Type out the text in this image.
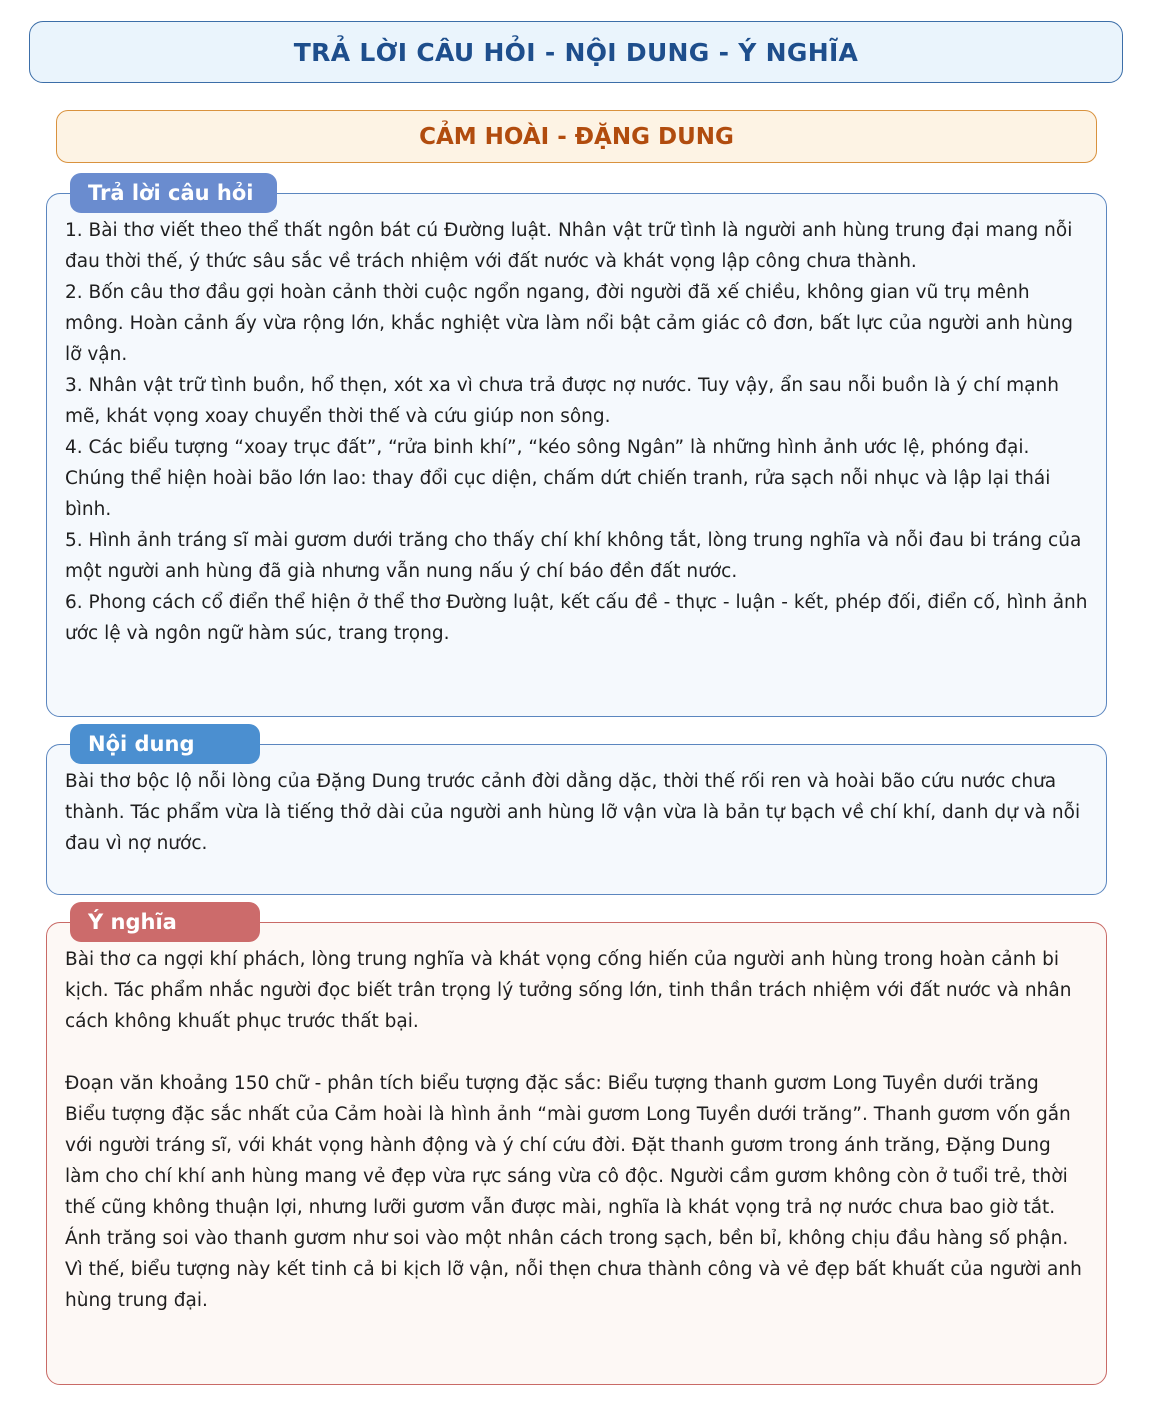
TRẢ LỜI CÂU HỎI - NỘI DUNG - Ý NGHĨA
CẢM HOÀI - ĐẶNG DUNG

1. Bài thơ viết theo thể thất ngôn bát cú Đường luật. Nhân vật trữ tình là người anh hùng trung đại mang nỗi đau thời thế, ý thức sâu sắc về trách nhiệm với đất nước và khát vọng lập công chưa thành.

2. Bốn câu thơ đầu gợi hoàn cảnh thời cuộc ngổn ngang, đời người đã xế chiều, không gian vũ trụ mênh mông. Hoàn cảnh ấy vừa rộng lớn, khắc nghiệt vừa làm nổi bật cảm giác cô đơn, bất lực của người anh hùng lỡ vận.

3. Nhân vật trữ tình buồn, hổ thẹn, xót xa vì chưa trả được nợ nước. Tuy vậy, ẩn sau nỗi buồn là ý chí mạnh mẽ, khát vọng xoay chuyển thời thế và cứu giúp non sông.

4. Các biểu tượng “xoay trục đất”, “rửa binh khí”, “kéo sông Ngân” là những hình ảnh ước lệ, phóng đại. Chúng thể hiện hoài bão lớn lao: thay đổi cục diện, chấm dứt chiến tranh, rửa sạch nỗi nhục và lập lại thái bình.

5. Hình ảnh tráng sĩ mài gươm dưới trăng cho thấy chí khí không tắt, lòng trung nghĩa và nỗi đau bi tráng của một người anh hùng đã già nhưng vẫn nung nấu ý chí báo đền đất nước.

6. Phong cách cổ điển thể hiện ở thể thơ Đường luật, kết cấu đề - thực - luận - kết, phép đối, điển cố, hình ảnh ước lệ và ngôn ngữ hàm súc, trang trọng.

Trả lời câu hỏi

Bài thơ bộc lộ nỗi lòng của Đặng Dung trước cảnh đời dằng dặc, thời thế rối ren và hoài bão cứu nước chưa thành. Tác phẩm vừa là tiếng thở dài của người anh hùng lỡ vận vừa là bản tự bạch về chí khí, danh dự và nỗi đau vì nợ nước.

Nội dung

Bài thơ ca ngợi khí phách, lòng trung nghĩa và khát vọng cống hiến của người anh hùng trong hoàn cảnh bi kịch. Tác phẩm nhắc người đọc biết trân trọng lý tưởng sống lớn, tinh thần trách nhiệm với đất nước và nhân cách không khuất phục trước thất bại.

Đoạn văn khoảng 150 chữ - phân tích biểu tượng đặc sắc: Biểu tượng thanh gươm Long Tuyền dưới trăng

Biểu tượng đặc sắc nhất của Cảm hoài là hình ảnh “mài gươm Long Tuyền dưới trăng”. Thanh gươm vốn gắn với người tráng sĩ, với khát vọng hành động và ý chí cứu đời. Đặt thanh gươm trong ánh trăng, Đặng Dung làm cho chí khí anh hùng mang vẻ đẹp vừa rực sáng vừa cô độc. Người cầm gươm không còn ở tuổi trẻ, thời thế cũng không thuận lợi, nhưng lưỡi gươm vẫn được mài, nghĩa là khát vọng trả nợ nước chưa bao giờ tắt. Ánh trăng soi vào thanh gươm như soi vào một nhân cách trong sạch, bền bỉ, không chịu đầu hàng số phận. Vì thế, biểu tượng này kết tinh cả bi kịch lỡ vận, nỗi thẹn chưa thành công và vẻ đẹp bất khuất của người anh hùng trung đại.

Ý nghĩa
